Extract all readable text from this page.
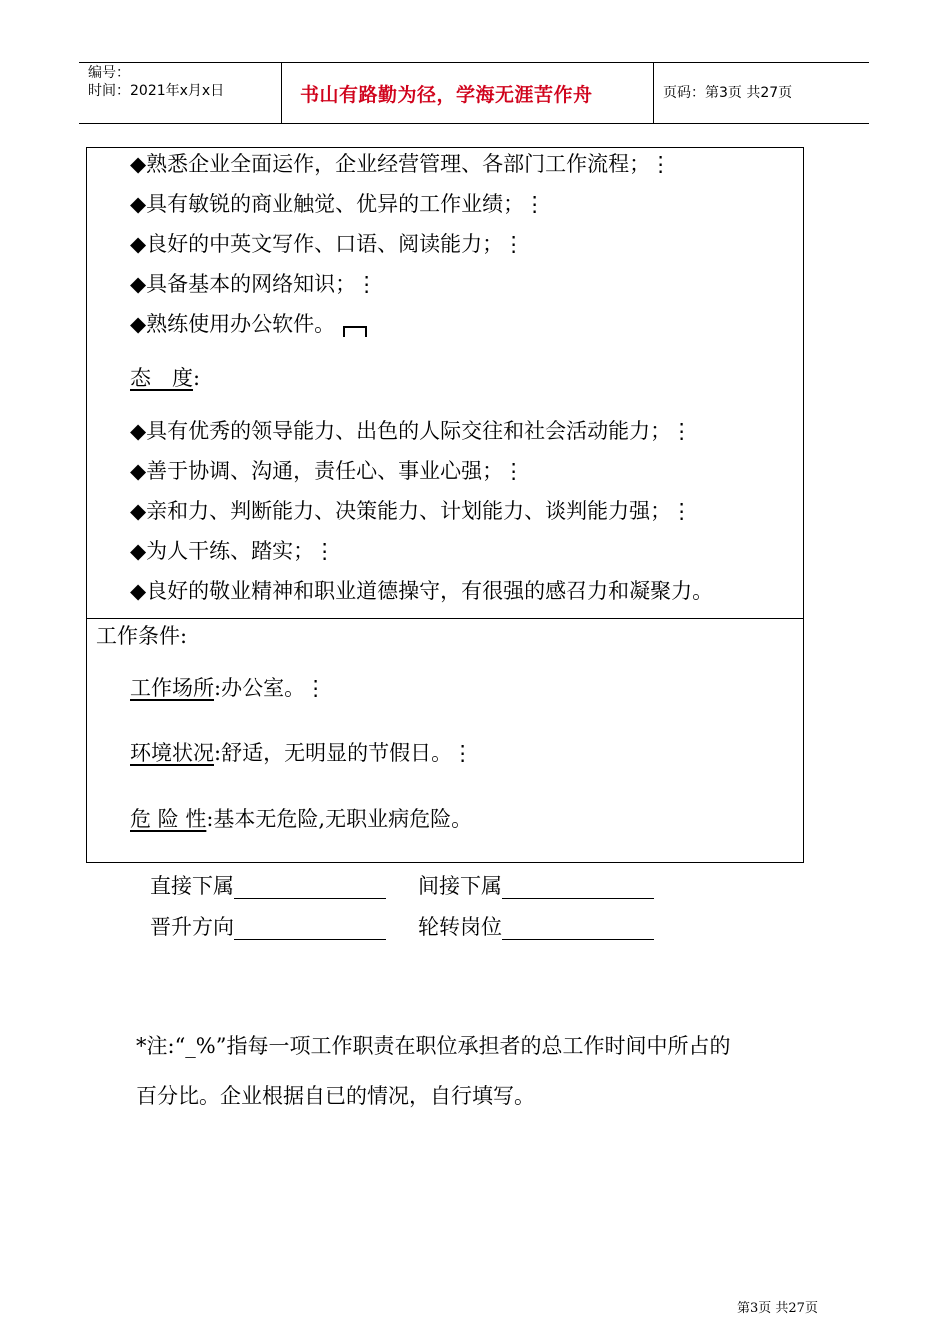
编号：
时间：2021年x月x日	书山有路勤为径，学海无涯苦作舟	页码：第3页 共27页
◆熟悉企业全面运作，企业经营管理、各部门工作流程；⋮
◆具有敏锐的商业触觉、优异的工作业绩；⋮
◆良好的中英文写作、口语、阅读能力；⋮
◆具备基本的网络知识；⋮
◆熟练使用办公软件。
态　度:
◆具有优秀的领导能力、出色的人际交往和社会活动能力；⋮
◆善于协调、沟通，责任心、事业心强；⋮
◆亲和力、判断能力、决策能力、计划能力、谈判能力强；⋮
◆为人干练、踏实；⋮
◆良好的敬业精神和职业道德操守，有很强的感召力和凝聚力。
工作条件:
工作场所:办公室。⋮
环境状况:舒适，无明显的节假日。⋮
危 险 性:基本无危险,无职业病危险。
直接下属	间接下属
晋升方向	轮转岗位
*注:“_%”指每一项工作职责在职位承担者的总工作时间中所占的
百分比。企业根据自已的情况，自行填写。
第3页 共27页
